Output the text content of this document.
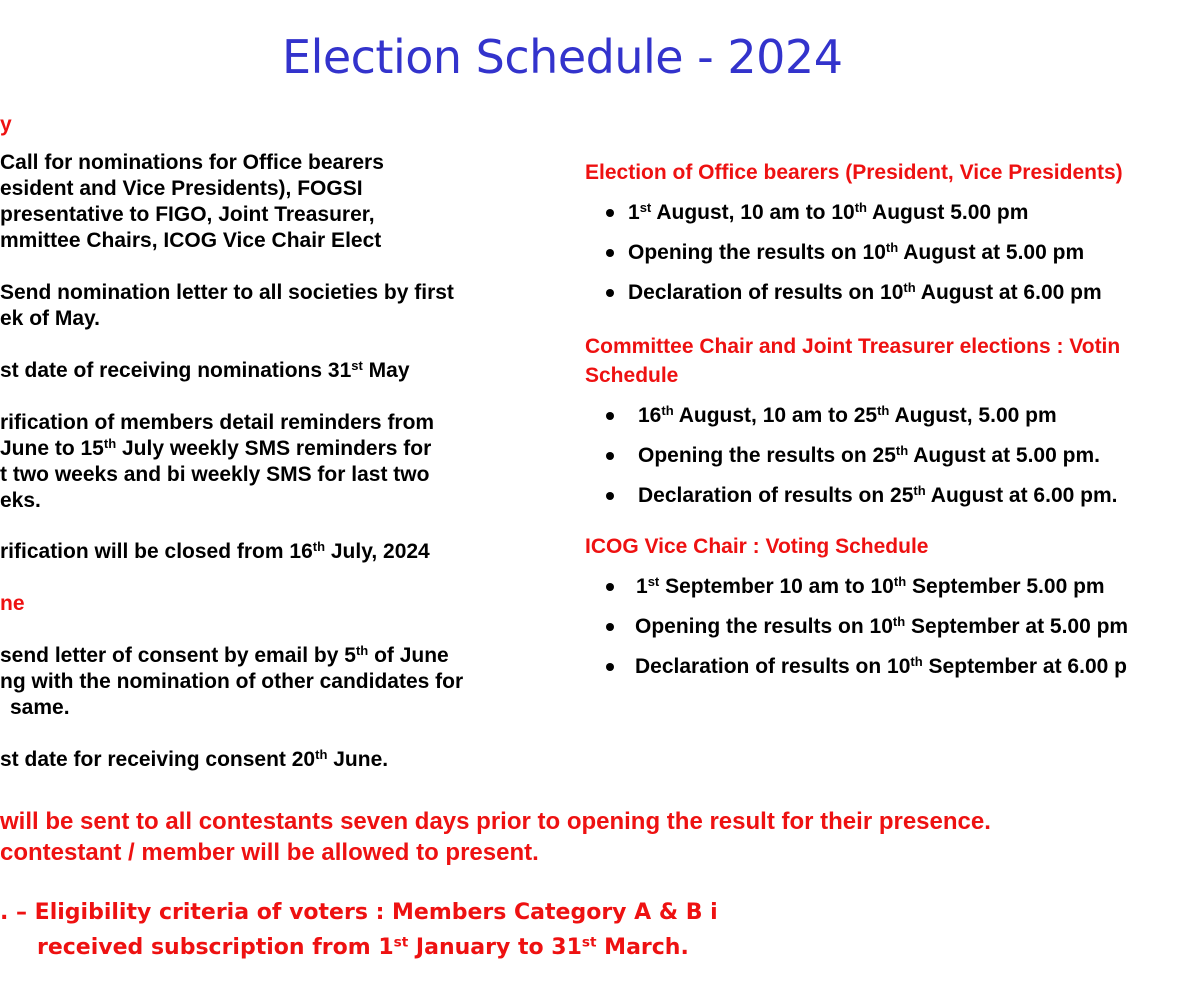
Election Schedule - 2024
y
Call for nominations for Office bearers
esident and Vice Presidents), FOGSI
presentative to FIGO, Joint Treasurer,
mmittee Chairs, ICOG Vice Chair Elect
Send nomination letter to all societies by first
ek of May.
st date of receiving nominations 31st May
rification of members detail reminders from
June to 15th July weekly SMS reminders for
t two weeks and bi weekly SMS for last two
eks.
rification will be closed from 16th July, 2024
ne
send letter of consent by email by 5th of June
ng with the nomination of other candidates for
same.
st date for receiving consent 20th June.
Election of Office bearers (President, Vice Presidents)
1st August, 10 am to 10th August 5.00 pm
Opening the results on 10th August at 5.00 pm
Declaration of results on 10th August at 6.00 pm
Committee Chair and Joint Treasurer elections : Votin
Schedule
16th August, 10 am to 25th August, 5.00 pm
Opening the results on 25th August at 5.00 pm.
Declaration of results on 25th August at 6.00 pm.
ICOG Vice Chair : Voting Schedule
1st September 10 am to 10th September 5.00 pm
Opening the results on 10th September at 5.00 pm
Declaration of results on 10th September at 6.00 p
will be sent to all contestants seven days prior to opening the result for their presence.
contestant / member will be allowed to present.
. – Eligibility criteria of voters : Members Category A & B i
received subscription from 1st January to 31st March.
